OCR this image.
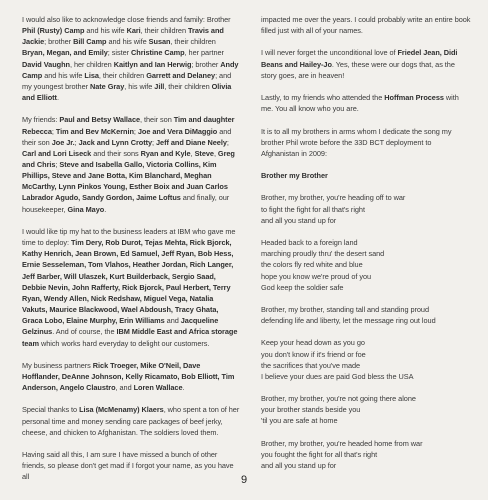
I would also like to acknowledge close friends and family: Brother Phil (Rusty) Camp and his wife Kari, their children Travis and Jackie; brother Bill Camp and his wife Susan, their children Bryan, Megan, and Emily; sister Christine Camp, her partner David Vaughn, her children Kaitlyn and Ian Herwig; brother Andy Camp and his wife Lisa, their children Garrett and Delaney; and my youngest brother Nate Gray, his wife Jill, their children Olivia and Elliott.

My friends: Paul and Betsy Wallace, their son Tim and daughter Rebecca; Tim and Bev McKernin; Joe and Vera DiMaggio and their son Joe Jr.; Jack and Lynn Crotty; Jeff and Diane Neely; Carl and Lori Liseck and their sons Ryan and Kyle, Steve, Greg and Chris; Steve and Isabella Gallo, Victoria Collins, Kim Phillips, Steve and Jane Botta, Kim Blanchard, Meghan McCarthy, Lynn Pinkos Young, Esther Boix and Juan Carlos Labrador Agudo, Sandy Gordon, Jaime Loftus and finally, our housekeeper, Gina Mayo.

I would like tip my hat to the business leaders at IBM who gave me time to deploy: Tim Dery, Rob Durot, Tejas Mehta, Rick Bjorck, Kathy Henrich, Jean Brown, Ed Samuel, Jeff Ryan, Bob Hess, Ernie Sesseleman, Tom Vlahos, Heather Jordan, Rich Langer, Jeff Barber, Will Ulaszek, Kurt Builderback, Sergio Saad, Debbie Nevin, John Rafferty, Rick Bjorck, Paul Herbert, Terry Ryan, Wendy Allen, Nick Redshaw, Miguel Vega, Natalia Vakuts, Maurice Blackwood, Wael Abdoush, Tracy Ghata, Graca Lobo, Elaine Murphy, Erin Williams and Jacqueline Gelzinus. And of course, the IBM Middle East and Africa storage team which works hard everyday to delight our customers.

My business partners Rick Troeger, Mike O'Neil, Dave Hofflander, DeAnne Johnson, Kelly Ricamato, Bob Elliott, Tim Anderson, Angelo Claustro, and Loren Wallace.

Special thanks to Lisa (McMenamy) Klaers, who spent a ton of her personal time and money sending care packages of beef jerky, cheese, and chicken to Afghanistan. The soldiers loved them.

Having said all this, I am sure I have missed a bunch of other friends, so please don't get mad if I forgot your name, as you have all

impacted me over the years. I could probably write an entire book filled just with all of your names.

I will never forget the unconditional love of Friedel Jean, Didi Beans and Hailey-Jo. Yes, these were our dogs that, as the story goes, are in heaven!

Lastly, to my friends who attended the Hoffman Process with me. You all know who you are.

It is to all my brothers in arms whom I dedicate the song my brother Phil wrote before the 33D BCT deployment to Afghanistan in 2009:

Brother my Brother

Brother, my brother, you're heading off to war
to fight the fight for all that's right
and all you stand up for

Headed back to a foreign land
marching proudly thru' the desert sand
the colors fly red white and blue
hope you know we're proud of you
God keep the soldier safe

Brother, my brother, standing tall and standing proud
defending life and liberty, let the message ring out loud

Keep your head down as you go
you don't know if it's friend or foe
the sacrifices that you've made
I believe your dues are paid God bless the USA

Brother, my brother, you're not going there alone
your brother stands beside you
'til you are safe at home

Brother, my brother, you're headed home from war
you fought the fight for all that's right
and all you stand up for

9
